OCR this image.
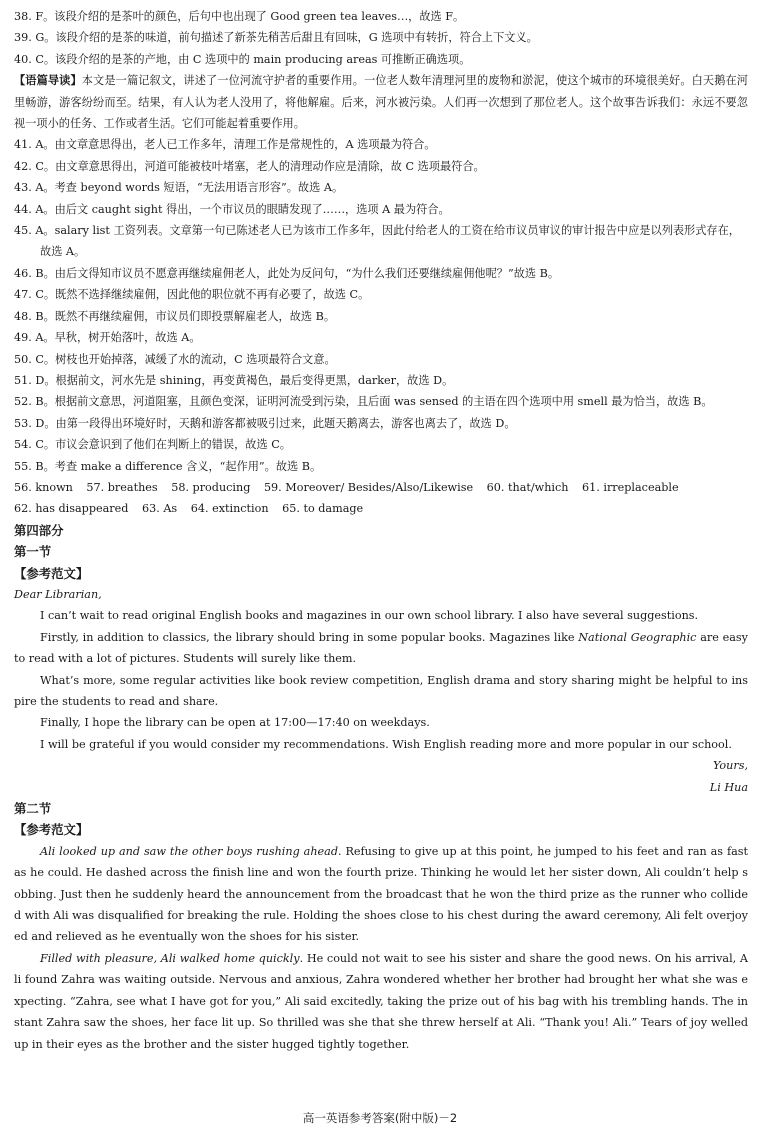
38. F。该段介绍的是茶叶的颜色，后句中也出现了 Good green tea leaves…，故选 F。

39. G。该段介绍的是茶的味道，前句描述了新茶先稍苦后甜且有回味，G 选项中有转折，符合上下文义。

40. C。该段介绍的是茶的产地，由 C 选项中的 main producing areas 可推断正确选项。

【语篇导读】本文是一篇记叙文，讲述了一位河流守护者的重要作用。一位老人数年清理河里的废物和淤泥，使这个城市的环境很美好。白天鹅在河里畅游，游客纷纷而至。结果，有人认为老人没用了，将他解雇。后来，河水被污染。人们再一次想到了那位老人。这个故事告诉我们：永远不要忽视一项小的任务、工作或者生活。它们可能起着重要作用。

41. A。由文章意思得出，老人已工作多年，清理工作是常规性的，A 选项最为符合。

42. C。由文章意思得出，河道可能被枝叶堵塞，老人的清理动作应是清除，故 C 选项最符合。

43. A。考查 beyond words 短语，“无法用语言形容”。故选 A。

44. A。由后文 caught sight 得出，一个市议员的眼睛发现了……，选项 A 最为符合。

45. A。salary list 工资列表。文章第一句已陈述老人已为该市工作多年，因此付给老人的工资在给市议员审议的审计报告中应是以列表形式存在，故选 A。

46. B。由后文得知市议员不愿意再继续雇佣老人，此处为反问句，“为什么我们还要继续雇佣他呢？”故选 B。

47. C。既然不选择继续雇佣，因此他的职位就不再有必要了，故选 C。

48. B。既然不再继续雇佣，市议员们即投票解雇老人，故选 B。

49. A。早秋，树开始落叶，故选 A。

50. C。树枝也开始掉落，减缓了水的流动，C 选项最符合文意。

51. D。根据前文，河水先是 shining，再变黄褐色，最后变得更黑，darker，故选 D。

52. B。根据前文意思，河道阻塞，且颜色变深，证明河流受到污染，且后面 was sensed 的主语在四个选项中用 smell 最为恰当，故选 B。

53. D。由第一段得出环境好时，天鹅和游客都被吸引过来，此题天鹅离去，游客也离去了，故选 D。

54. C。市议会意识到了他们在判断上的错误，故选 C。

55. B。考查 make a difference 含义，“起作用”。故选 B。

56. known 57. breathes 58. producing 59. Moreover/ Besides/Also/Likewise 60. that/which 61. irreplaceable

62. has disappeared 63. As 64. extinction 65. to damage

第四部分

第一节

【参考范文】

Dear Librarian,

I can’t wait to read original English books and magazines in our own school library. I also have several suggestions.

Firstly, in addition to classics, the library should bring in some popular books. Magazines like National Geographic are easy to read with a lot of pictures. Students will surely like them.

What’s more, some regular activities like book review competition, English drama and story sharing might be helpful to inspire the students to read and share.

Finally, I hope the library can be open at 17:00—17:40 on weekdays.

I will be grateful if you would consider my recommendations. Wish English reading more and more popular in our school.

Yours,

Li Hua

第二节

【参考范文】

Ali looked up and saw the other boys rushing ahead. Refusing to give up at this point, he jumped to his feet and ran as fast as he could. He dashed across the finish line and won the fourth prize. Thinking he would let her sister down, Ali couldn’t help sobbing. Just then he suddenly heard the announcement from the broadcast that he won the third prize as the runner who collided with Ali was disqualified for breaking the rule. Holding the shoes close to his chest during the award ceremony, Ali felt overjoyed and relieved as he eventually won the shoes for his sister.

Filled with pleasure, Ali walked home quickly. He could not wait to see his sister and share the good news. On his arrival, Ali found Zahra was waiting outside. Nervous and anxious, Zahra wondered whether her brother had brought her what she was expecting. “Zahra, see what I have got for you,” Ali said excitedly, taking the prize out of his bag with his trembling hands. The instant Zahra saw the shoes, her face lit up. So thrilled was she that she threw herself at Ali. “Thank you! Ali.” Tears of joy welled up in their eyes as the brother and the sister hugged tightly together.

高一英语参考答案(附中版)－2
